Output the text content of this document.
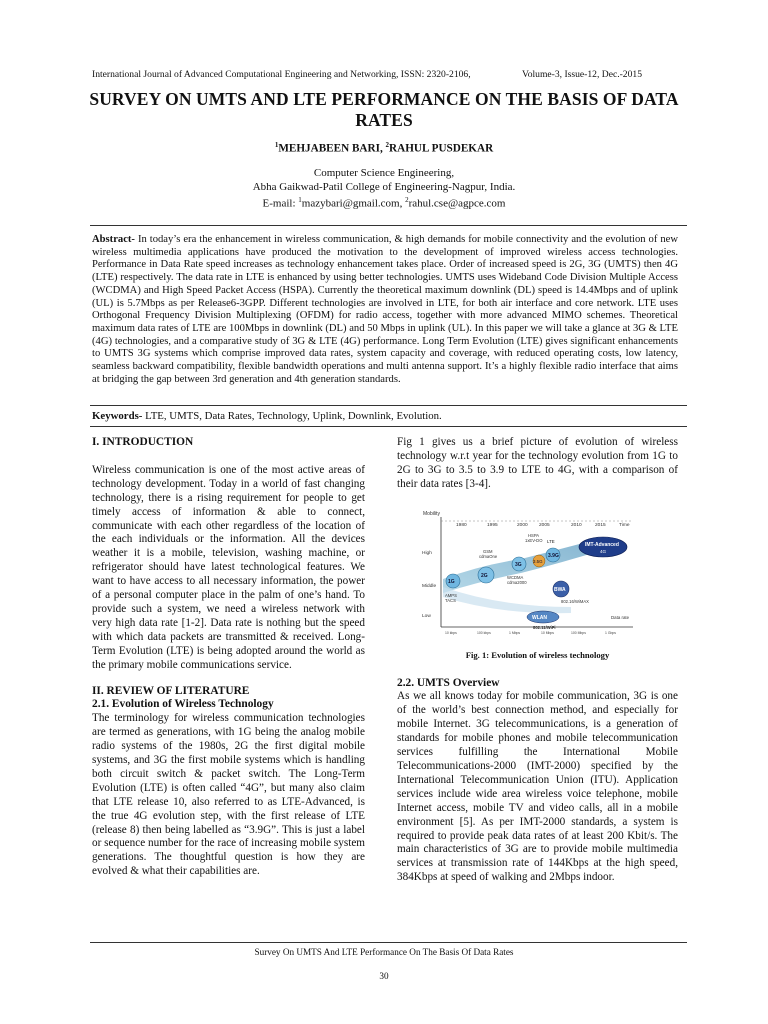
International Journal of Advanced Computational Engineering and Networking, ISSN: 2320-2106,	Volume-3, Issue-12, Dec.-2015
SURVEY ON UMTS AND LTE PERFORMANCE ON THE BASIS OF DATA RATES
$^1$MEHJABEEN BARI, $^2$RAHUL PUSDEKAR
Computer Science Engineering,
Abha Gaikwad-Patil College of Engineering-Nagpur, India.
E-mail: $^1$mazybari@gmail.com, $^2$rahul.cse@agpce.com
Abstract- In today’s era the enhancement in wireless communication, & high demands for mobile connectivity and the evolution of new wireless multimedia applications have produced the motivation to the development of improved wireless access technologies. Performance in Data Rate speed increases as technology enhancement takes place. Order of increased speed is 2G, 3G (UMTS) then 4G (LTE) respectively. The data rate in LTE is enhanced by using better technologies. UMTS uses Wideband Code Division Multiple Access (WCDMA) and High Speed Packet Access (HSPA). Currently the theoretical maximum downlink (DL) speed is 14.4Mbps and of uplink (UL) is 5.7Mbps as per Release6-3GPP. Different technologies are involved in LTE, for both air interface and core network. LTE uses Orthogonal Frequency Division Multiplexing (OFDM) for radio access, together with more advanced MIMO schemes. Theoretical maximum data rates of LTE are 100Mbps in downlink (DL) and 50 Mbps in uplink (UL). In this paper we will take a glance at 3G & LTE (4G) technologies, and a comparative study of 3G & LTE (4G) performance. Long Term Evolution (LTE) gives significant enhancements to UMTS 3G systems which comprise improved data rates, system capacity and coverage, with reduced operating costs, low latency, seamless backward compatibility, flexible bandwidth operations and multi antenna support. It’s a highly flexible radio interface that aims at bridging the gap between 3rd generation and 4th generation standards.
Keywords- LTE, UMTS, Data Rates, Technology, Uplink, Downlink, Evolution.

I. INTRODUCTION

Wireless communication is one of the most active areas of technology development. Today in a world of fast changing technology, there is a rising requirement for people to get timely access of information & able to connect, communicate with each other regardless of the location of the each individuals or the information. All the devices weather it is a mobile, television, washing machine, or refrigerator should have latest technological features. We want to have access to all necessary information, the power of a personal computer place in the palm of one’s hand. To provide such a system, we need a wireless network with very high data rate [1-2]. Data rate is nothing but the speed with which data packets are transmitted & received. Long-Term Evolution (LTE) is being adopted around the world as the primary mobile communications service.

II. REVIEW OF LITERATURE

2.1. Evolution of Wireless Technology

The terminology for wireless communication technologies are termed as generations, with 1G being the analog mobile radio systems of the 1980s, 2G the first digital mobile systems, and 3G the first mobile systems which is handling both circuit switch & packet switch. The Long-Term Evolution (LTE) is often called “4G”, but many also claim that LTE release 10, also referred to as LTE-Advanced, is the true 4G evolution step, with the first release of LTE (release 8) then being labelled as “3.9G”. This is just a label or sequence number for the race of increasing mobile system generations. The thoughtful question is how they are evolved & what their capabilities are.

Fig 1 gives us a brief picture of evolution of wireless technology w.r.t year for the technology evolution from 1G to 2G to 3G to 3.5 to 3.9 to LTE to 4G, with a comparison of their data rates [3-4].

Mobility
1980	1995	2000 2005	2010	2015	Time
High
Middle
Low
1G
2G
3G
3.5G
3.9G
LTE
IMT-Advanced
4G
BWA
WLAN
GSM
cdmaOne
HSPA
1xEV-DO
AMPS
TACS
WCDMA
cdma2000
802.16/WiMAX
802.11/WiFi
Data rate
10 kbps	100 kbps	1 Mbps	10 Mbps	100 Mbps	1 Gbps
Fig. 1: Evolution of wireless technology

2.2. UMTS Overview

As we all knows today for mobile communication, 3G is one of the world’s best connection method, and especially for mobile Internet. 3G telecommunications, is a generation of standards for mobile phones and mobile telecommunication services fulfilling the International Mobile Telecommunications-2000 (IMT-2000) specified by the International Telecommunication Union (ITU). Application services include wide area wireless voice telephone, mobile Internet access, mobile TV and video calls, all in a mobile environment [5]. As per IMT-2000 standards, a system is required to provide peak data rates of at least 200 Kbit/s. The main characteristics of 3G are to provide mobile multimedia services at transmission rate of 144Kbps at the high speed, 384Kbps at speed of walking and 2Mbps indoor.

Survey On UMTS And LTE Performance On The Basis Of Data Rates
30
